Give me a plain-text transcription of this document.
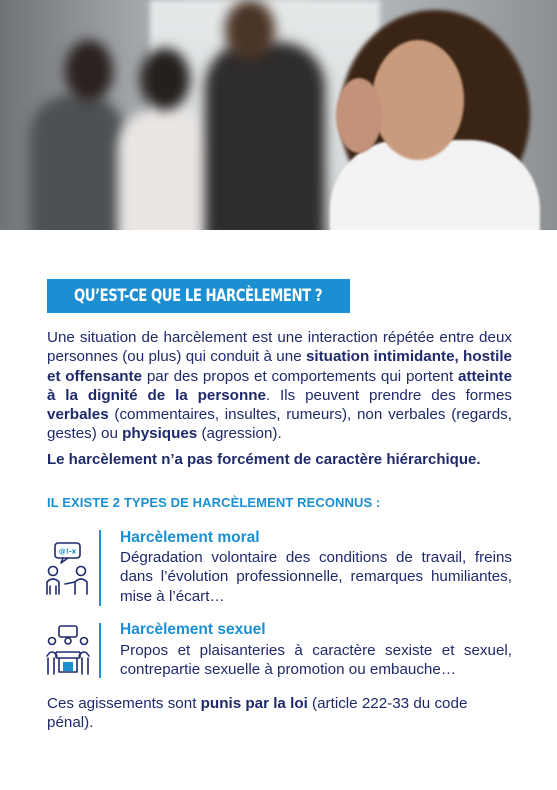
QU’EST-CE QUE LE HARCÈLEMENT ?

Une situation de harcèlement est une interaction répétée entre deux personnes (ou plus) qui conduit à une situation intimidante, hostile et offensante par des propos et comportements qui portent atteinte à la dignité de la personne. Ils peuvent prendre des formes verbales (commentaires, insultes, rumeurs), non verbales (regards, gestes) ou physiques (agression).

Le harcèlement n’a pas forcément de caractère hiérarchique.

IL EXISTE 2 TYPES DE HARCÈLEMENT RECONNUS :
@!-x
Harcèlement moral
Dégradation volontaire des conditions de travail, freins dans l’évolution professionnelle, remarques humiliantes, mise à l’écart…
Harcèlement sexuel
Propos et plaisanteries à caractère sexiste et sexuel, contrepartie sexuelle à promotion ou embauche…

Ces agissements sont punis par la loi (article 222-33 du code pénal).
